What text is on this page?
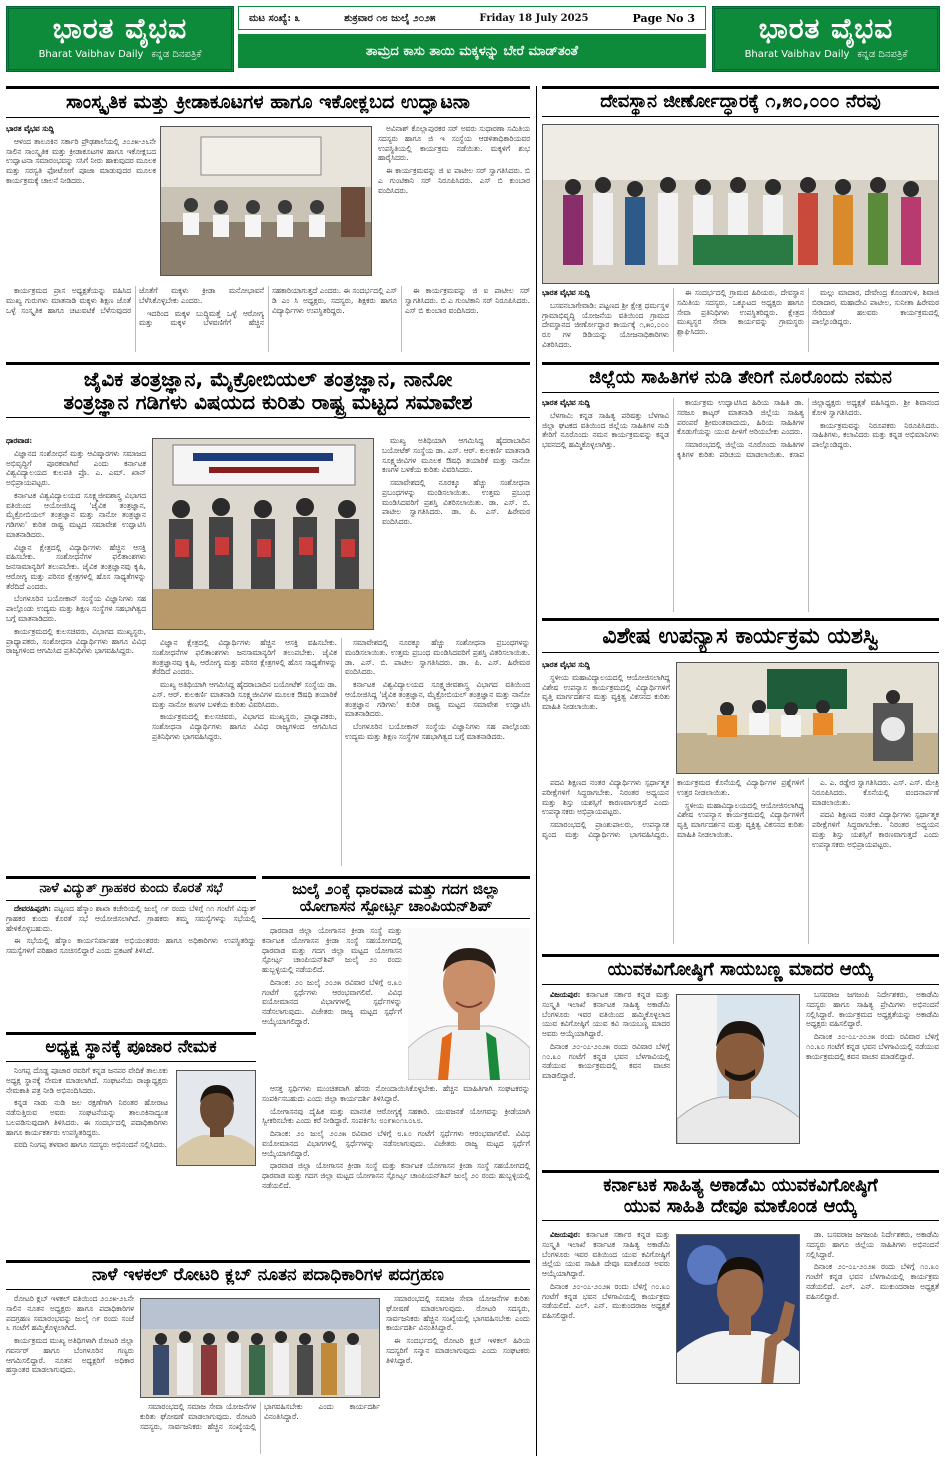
ಭಾರತ ವೈಭವ
Bharat Vaibhav Daily ಕನ್ನಡ ದಿನಪತ್ರಿಕೆ
ಮಟ ಸಂಖ್ಯೆ: ೩	ಶುಕ್ರವಾರ ೧೮ ಜುಲೈ ೨೦೨೫	Friday 18 July 2025	Page No 3
ತಾಮ್ರದ ಕಾಸು ತಾಯಿ ಮಕ್ಕಳನ್ನು ಬೇರೆ ಮಾಡ್‌ತಂತೆ
ಭಾರತ ವೈಭವ
Bharat Vaibhav Daily ಕನ್ನಡ ದಿನಪತ್ರಿಕೆ
ಸಾಂಸ್ಕೃತಿಕ ಮತ್ತು ಕ್ರೀಡಾಕೂಟಗಳ ಹಾಗೂ ಇಕೋಕ್ಲಬದ ಉದ್ಘಾಟನಾ

ಭಾರತ ವೈಭವ ಸುದ್ದಿ

ಆಳಂದ ತಾಲೂಕಿನ ಸರ್ಕಾರಿ ಪ್ರೌಢಶಾಲೆಯಲ್ಲಿ ೨೦೨೫-೨೬ನೇ ಸಾಲಿನ ಸಾಂಸ್ಕೃತಿಕ ಮತ್ತು ಕ್ರೀಡಾಕೂಟಗಳ ಹಾಗೂ ಇಕೋಕ್ಲಬದ ಉದ್ಘಾಟನಾ ಸಮಾರಂಭವನ್ನು ಸಸಿಗೆ ನೀರು ಹಾಕುವುದರ ಮೂಲಕ ಮತ್ತು ಸರಸ್ವತಿ ಫೋಟೋಗೆ ಪೂಜಾ ಮಾಡುವುದರ ಮೂಲಕ ಕಾರ್ಯಕ್ರಮಕ್ಕೆ ಚಾಲನೆ ನೀಡಿದರು.

ಅವಿನಾಶ್ ಕೊಲ್ಲಾಪುರಕರ ಸರ್ ಅವರು ಸುಧಾರಣಾ ಸಮಿತಿಯ ಸದಸ್ಯರು ಹಾಗೂ ಜಿ ಇ ಸಂಸ್ಥೆಯ ಆಡಳಿತಾಧಿಕಾರಿಯವರ ಉಪಸ್ಥಿತಿಯಲ್ಲಿ ಕಾರ್ಯಕ್ರಮ ನಡೆಯಿತು. ಮಕ್ಕಳಿಗೆ ಶುಭ ಹಾರೈಸಿದರು.

ಈ ಕಾರ್ಯಕ್ರಮವನ್ನು ಜಿ ಐ ಪಾಟೀಲ ಸರ್ ಸ್ವಾಗತಿಸಿದರು. ಬಿ ಎ ಗುಂಟಿಕಾನಿ ಸರ್ ನಿರೂಪಿಸಿದರು. ಎಸ್ ಬಿ ಕುಂಬಾರ ವಂದಿಸಿದರು.

ಕಾರ್ಯಕ್ರಮದ ಪ್ರಾಸ ಅಧ್ಯಕ್ಷತೆಯನ್ನು ವಹಿಸಿದ ಮುಖ್ಯ ಗುರುಗಳು ಮಾತನಾಡಿ ಮಕ್ಕಳು ಶಿಕ್ಷಣ ಜೊತೆ ಒಳ್ಳೆ ಸಂಸ್ಕೃತಿಕ ಹಾಗೂ ಚಟುವಟಿಕೆ ಬೆಳೆಸುವುದರ ಜೊತೆಗೆ ಮಕ್ಕಳು ಕ್ರೀಡಾ ಮನೋಭಾವನೆ ಬೆಳೆಸಿಕೊಳ್ಳಬೇಕು ಎಂದರು.

ಇದರಿಂದ ಮಕ್ಕಳ ಬುದ್ಧಿಮತ್ತೆ ಒಳ್ಳೆ ಆರೋಗ್ಯ ಮತ್ತು ಮಕ್ಕಳ ಬೆಳವಣಿಗೆಗೆ ಹೆಚ್ಚಿನ ಸಹಕಾರಿಯಾಗುತ್ತದೆ ಎಂದರು. ಈ ಸಂದರ್ಭದಲ್ಲಿ ಎಸ್ ಡಿ ಎಂ ಸಿ ಅಧ್ಯಕ್ಷರು, ಸದಸ್ಯರು, ಶಿಕ್ಷಕರು ಹಾಗೂ ವಿದ್ಯಾರ್ಥಿಗಳು ಉಪಸ್ಥಿತರಿದ್ದರು.

ಈ ಕಾರ್ಯಕ್ರಮವನ್ನು ಜಿ ಐ ಪಾಟೀಲ ಸರ್ ಸ್ವಾಗತಿಸಿದರು. ಬಿ ಎ ಗುಂಟಿಕಾನಿ ಸರ್ ನಿರೂಪಿಸಿದರು. ಎಸ್ ಬಿ ಕುಂಬಾರ ವಂದಿಸಿದರು.

ದೇವಸ್ಥಾನ ಜೀರ್ಣೋದ್ಧಾರಕ್ಕೆ ೧,೫೦,೦೦೦ ನೆರವು

ಭಾರತ ವೈಭವ ಸುದ್ದಿ

ಬಸವನಬಾಗೇವಾಡಿ: ಪಟ್ಟಣದ ಶ್ರೀ ಕ್ಷೇತ್ರ ಧರ್ಮಸ್ಥಳ ಗ್ರಾಮಾಭಿವೃದ್ಧಿ ಯೋಜನೆಯ ವತಿಯಿಂದ ಗ್ರಾಮದ ದೇವಸ್ಥಾನದ ಜೀರ್ಣೋದ್ಧಾರ ಕಾರ್ಯಕ್ಕೆ ೧,೫೦,೦೦೦ ರೂ ಗಳ ಡಿಡಿಯನ್ನು ಯೋಜನಾಧಿಕಾರಿಗಳು ವಿತರಿಸಿದರು.

ಈ ಸಂದರ್ಭದಲ್ಲಿ ಗ್ರಾಮದ ಹಿರಿಯರು, ದೇವಸ್ಥಾನ ಸಮಿತಿಯ ಸದಸ್ಯರು, ಒಕ್ಕೂಟದ ಅಧ್ಯಕ್ಷರು ಹಾಗೂ ಸೇವಾ ಪ್ರತಿನಿಧಿಗಳು ಉಪಸ್ಥಿತರಿದ್ದರು. ಕ್ಷೇತ್ರದ ಮುಖ್ಯಸ್ಥರ ಸೇವಾ ಕಾರ್ಯವನ್ನು ಗ್ರಾಮಸ್ಥರು ಶ್ಲಾಘಿಸಿದರು.

ಮಲ್ಲು ಮಾದಾರ, ದೇವೇಂದ್ರ ಕೊಂಡಗುಳಿ, ಶಿವಾಜಿ ಬಿರಾದಾರ, ಮಹಾದೇವಿ ಪಾಟೀಲ, ಸುನೀತಾ ಹಿರೇಮಠ ಸೇರಿದಂತೆ ಹಲವರು ಕಾರ್ಯಕ್ರಮದಲ್ಲಿ ಪಾಲ್ಗೊಂಡಿದ್ದರು.

ಜೈವಿಕ ತಂತ್ರಜ್ಞಾನ, ಮೈಕ್ರೋಬಿಯಲ್ ತಂತ್ರಜ್ಞಾನ, ನಾನೋ
ತಂತ್ರಜ್ಞಾನ ಗಡಿಗಳು ವಿಷಯದ ಕುರಿತು ರಾಷ್ಟ್ರ ಮಟ್ಟದ ಸಮಾವೇಶ

ಧಾರವಾಡ:

ವಿಜ್ಞಾನದ ಸಂಶೋಧನೆ ಮತ್ತು ಆವಿಷ್ಕಾರಗಳು ಸಮಾಜದ ಅಭಿವೃದ್ಧಿಗೆ ಪೂರಕವಾಗಿವೆ ಎಂದು ಕರ್ನಾಟಕ ವಿಶ್ವವಿದ್ಯಾಲಯದ ಕುಲಪತಿ ಪ್ರೊ. ಎ. ಎಮ್. ಖಾನ್ ಅಭಿಪ್ರಾಯಪಟ್ಟರು.

ಕರ್ನಾಟಕ ವಿಶ್ವವಿದ್ಯಾಲಯದ ಸೂಕ್ಷ್ಮಜೀವಶಾಸ್ತ್ರ ವಿಭಾಗದ ವತಿಯಿಂದ ಆಯೋಜಿಸಿದ್ದ 'ಜೈವಿಕ ತಂತ್ರಜ್ಞಾನ, ಮೈಕ್ರೋಬಿಯಲ್ ತಂತ್ರಜ್ಞಾನ ಮತ್ತು ನಾನೋ ತಂತ್ರಜ್ಞಾನ ಗಡಿಗಳು' ಕುರಿತ ರಾಷ್ಟ್ರ ಮಟ್ಟದ ಸಮಾವೇಶ ಉದ್ಘಾಟಿಸಿ ಮಾತನಾಡಿದರು.

ವಿಜ್ಞಾನ ಕ್ಷೇತ್ರದಲ್ಲಿ ವಿದ್ಯಾರ್ಥಿಗಳು ಹೆಚ್ಚಿನ ಆಸಕ್ತಿ ವಹಿಸಬೇಕು. ಸಂಶೋಧನೆಗಳ ಫಲಿತಾಂಶಗಳು ಜನಸಾಮಾನ್ಯರಿಗೆ ತಲುಪಬೇಕು. ಜೈವಿಕ ತಂತ್ರಜ್ಞಾನವು ಕೃಷಿ, ಆರೋಗ್ಯ ಮತ್ತು ಪರಿಸರ ಕ್ಷೇತ್ರಗಳಲ್ಲಿ ಹೊಸ ಸಾಧ್ಯತೆಗಳನ್ನು ತೆರೆದಿದೆ ಎಂದರು.

ಬೆಂಗಳೂರಿನ ಬಯೋಕಾನ್ ಸಂಸ್ಥೆಯ ವಿಜ್ಞಾನಿಗಳು ಸಹ ಪಾಲ್ಗೊಂಡು ಉದ್ಯಮ ಮತ್ತು ಶಿಕ್ಷಣ ಸಂಸ್ಥೆಗಳ ಸಹಭಾಗಿತ್ವದ ಬಗ್ಗೆ ಮಾತನಾಡಿದರು.

ಕಾರ್ಯಕ್ರಮದಲ್ಲಿ ಕುಲಸಚಿವರು, ವಿಭಾಗದ ಮುಖ್ಯಸ್ಥರು, ಪ್ರಾಧ್ಯಾಪಕರು, ಸಂಶೋಧನಾ ವಿದ್ಯಾರ್ಥಿಗಳು ಹಾಗೂ ವಿವಿಧ ರಾಜ್ಯಗಳಿಂದ ಆಗಮಿಸಿದ ಪ್ರತಿನಿಧಿಗಳು ಭಾಗವಹಿಸಿದ್ದರು.

ಮುಖ್ಯ ಅತಿಥಿಯಾಗಿ ಆಗಮಿಸಿದ್ದ ಹೈದರಾಬಾದಿನ ಬಯೋಟೆಕ್ ಸಂಸ್ಥೆಯ ಡಾ. ಎಸ್. ಆರ್. ಕುಲಕರ್ಣಿ ಮಾತನಾಡಿ ಸೂಕ್ಷ್ಮಜೀವಿಗಳ ಮೂಲಕ ಔಷಧಿ ತಯಾರಿಕೆ ಮತ್ತು ನಾನೋ ಕಣಗಳ ಬಳಕೆಯ ಕುರಿತು ವಿವರಿಸಿದರು.

ಸಮಾವೇಶದಲ್ಲಿ ನೂರಕ್ಕೂ ಹೆಚ್ಚು ಸಂಶೋಧನಾ ಪ್ರಬಂಧಗಳನ್ನು ಮಂಡಿಸಲಾಯಿತು. ಉತ್ತಮ ಪ್ರಬಂಧ ಮಂಡಿಸಿದವರಿಗೆ ಪ್ರಶಸ್ತಿ ವಿತರಿಸಲಾಯಿತು. ಡಾ. ಎಸ್. ಬಿ. ಪಾಟೀಲ ಸ್ವಾಗತಿಸಿದರು. ಡಾ. ಪಿ. ಎಸ್. ಹಿರೇಮಠ ವಂದಿಸಿದರು.

ವಿಜ್ಞಾನ ಕ್ಷೇತ್ರದಲ್ಲಿ ವಿದ್ಯಾರ್ಥಿಗಳು ಹೆಚ್ಚಿನ ಆಸಕ್ತಿ ವಹಿಸಬೇಕು. ಸಂಶೋಧನೆಗಳ ಫಲಿತಾಂಶಗಳು ಜನಸಾಮಾನ್ಯರಿಗೆ ತಲುಪಬೇಕು. ಜೈವಿಕ ತಂತ್ರಜ್ಞಾನವು ಕೃಷಿ, ಆರೋಗ್ಯ ಮತ್ತು ಪರಿಸರ ಕ್ಷೇತ್ರಗಳಲ್ಲಿ ಹೊಸ ಸಾಧ್ಯತೆಗಳನ್ನು ತೆರೆದಿದೆ ಎಂದರು.

ಮುಖ್ಯ ಅತಿಥಿಯಾಗಿ ಆಗಮಿಸಿದ್ದ ಹೈದರಾಬಾದಿನ ಬಯೋಟೆಕ್ ಸಂಸ್ಥೆಯ ಡಾ. ಎಸ್. ಆರ್. ಕುಲಕರ್ಣಿ ಮಾತನಾಡಿ ಸೂಕ್ಷ್ಮಜೀವಿಗಳ ಮೂಲಕ ಔಷಧಿ ತಯಾರಿಕೆ ಮತ್ತು ನಾನೋ ಕಣಗಳ ಬಳಕೆಯ ಕುರಿತು ವಿವರಿಸಿದರು.

ಕಾರ್ಯಕ್ರಮದಲ್ಲಿ ಕುಲಸಚಿವರು, ವಿಭಾಗದ ಮುಖ್ಯಸ್ಥರು, ಪ್ರಾಧ್ಯಾಪಕರು, ಸಂಶೋಧನಾ ವಿದ್ಯಾರ್ಥಿಗಳು ಹಾಗೂ ವಿವಿಧ ರಾಜ್ಯಗಳಿಂದ ಆಗಮಿಸಿದ ಪ್ರತಿನಿಧಿಗಳು ಭಾಗವಹಿಸಿದ್ದರು.

ಸಮಾವೇಶದಲ್ಲಿ ನೂರಕ್ಕೂ ಹೆಚ್ಚು ಸಂಶೋಧನಾ ಪ್ರಬಂಧಗಳನ್ನು ಮಂಡಿಸಲಾಯಿತು. ಉತ್ತಮ ಪ್ರಬಂಧ ಮಂಡಿಸಿದವರಿಗೆ ಪ್ರಶಸ್ತಿ ವಿತರಿಸಲಾಯಿತು. ಡಾ. ಎಸ್. ಬಿ. ಪಾಟೀಲ ಸ್ವಾಗತಿಸಿದರು. ಡಾ. ಪಿ. ಎಸ್. ಹಿರೇಮಠ ವಂದಿಸಿದರು.

ಕರ್ನಾಟಕ ವಿಶ್ವವಿದ್ಯಾಲಯದ ಸೂಕ್ಷ್ಮಜೀವಶಾಸ್ತ್ರ ವಿಭಾಗದ ವತಿಯಿಂದ ಆಯೋಜಿಸಿದ್ದ 'ಜೈವಿಕ ತಂತ್ರಜ್ಞಾನ, ಮೈಕ್ರೋಬಿಯಲ್ ತಂತ್ರಜ್ಞಾನ ಮತ್ತು ನಾನೋ ತಂತ್ರಜ್ಞಾನ ಗಡಿಗಳು' ಕುರಿತ ರಾಷ್ಟ್ರ ಮಟ್ಟದ ಸಮಾವೇಶ ಉದ್ಘಾಟಿಸಿ ಮಾತನಾಡಿದರು.

ಬೆಂಗಳೂರಿನ ಬಯೋಕಾನ್ ಸಂಸ್ಥೆಯ ವಿಜ್ಞಾನಿಗಳು ಸಹ ಪಾಲ್ಗೊಂಡು ಉದ್ಯಮ ಮತ್ತು ಶಿಕ್ಷಣ ಸಂಸ್ಥೆಗಳ ಸಹಭಾಗಿತ್ವದ ಬಗ್ಗೆ ಮಾತನಾಡಿದರು.

ಜಿಲ್ಲೆಯ ಸಾಹಿತಿಗಳ ನುಡಿ ತೇರಿಗೆ ನೂರೊಂದು ನಮನ

ಭಾರತ ವೈಭವ ಸುದ್ದಿ

ಬೆಳಗಾವಿ: ಕನ್ನಡ ಸಾಹಿತ್ಯ ಪರಿಷತ್ತು ಬೆಳಗಾವಿ ಜಿಲ್ಲಾ ಘಟಕದ ವತಿಯಿಂದ ಜಿಲ್ಲೆಯ ಸಾಹಿತಿಗಳ ನುಡಿ ತೇರಿಗೆ ನೂರೊಂದು ನಮನ ಕಾರ್ಯಕ್ರಮವನ್ನು ಕನ್ನಡ ಭವನದಲ್ಲಿ ಹಮ್ಮಿಕೊಳ್ಳಲಾಗಿತ್ತು.

ಕಾರ್ಯಕ್ರಮ ಉದ್ಘಾಟಿಸಿದ ಹಿರಿಯ ಸಾಹಿತಿ ಡಾ. ಸರಜೂ ಕಾಟ್ಕರ್ ಮಾತನಾಡಿ ಜಿಲ್ಲೆಯ ಸಾಹಿತ್ಯ ಪರಂಪರೆ ಶ್ರೀಮಂತವಾದುದು, ಹಿರಿಯ ಸಾಹಿತಿಗಳ ಕೊಡುಗೆಯನ್ನು ಯುವ ಪೀಳಿಗೆ ಅರಿಯಬೇಕು ಎಂದರು.

ಸಮಾರಂಭದಲ್ಲಿ ಜಿಲ್ಲೆಯ ನೂರೊಂದು ಸಾಹಿತಿಗಳ ಕೃತಿಗಳ ಕುರಿತು ಪರಿಚಯ ಮಾಡಲಾಯಿತು. ಕಸಾಪ ಜಿಲ್ಲಾಧ್ಯಕ್ಷರು ಅಧ್ಯಕ್ಷತೆ ವಹಿಸಿದ್ದರು. ಶ್ರೀ ಶಿವಾನಂದ ಕೋಳಿ ಸ್ವಾಗತಿಸಿದರು.

ಕಾರ್ಯಕ್ರಮವನ್ನು ನಿರೂಪಕರು ನಿರೂಪಿಸಿದರು. ಸಾಹಿತಿಗಳು, ಕಲಾವಿದರು ಮತ್ತು ಕನ್ನಡ ಅಭಿಮಾನಿಗಳು ಪಾಲ್ಗೊಂಡಿದ್ದರು.

ವಿಶೇಷ ಉಪನ್ಯಾಸ ಕಾರ್ಯಕ್ರಮ ಯಶಸ್ವಿ

ಭಾರತ ವೈಭವ ಸುದ್ದಿ

ಸ್ಥಳೀಯ ಮಹಾವಿದ್ಯಾಲಯದಲ್ಲಿ ಆಯೋಜಿಸಲಾಗಿದ್ದ ವಿಶೇಷ ಉಪನ್ಯಾಸ ಕಾರ್ಯಕ್ರಮದಲ್ಲಿ ವಿದ್ಯಾರ್ಥಿಗಳಿಗೆ ವೃತ್ತಿ ಮಾರ್ಗದರ್ಶನ ಮತ್ತು ವ್ಯಕ್ತಿತ್ವ ವಿಕಸನದ ಕುರಿತು ಮಾಹಿತಿ ನೀಡಲಾಯಿತು.

ಪದವಿ ಶಿಕ್ಷಣದ ನಂತರ ವಿದ್ಯಾರ್ಥಿಗಳು ಸ್ಪರ್ಧಾತ್ಮಕ ಪರೀಕ್ಷೆಗಳಿಗೆ ಸಿದ್ಧರಾಗಬೇಕು. ನಿರಂತರ ಅಧ್ಯಯನ ಮತ್ತು ಶಿಸ್ತು ಯಶಸ್ಸಿಗೆ ಕಾರಣವಾಗುತ್ತದೆ ಎಂದು ಉಪನ್ಯಾಸಕರು ಅಭಿಪ್ರಾಯಪಟ್ಟರು.

ಸಮಾರಂಭದಲ್ಲಿ ಪ್ರಾಂಶುಪಾಲರು, ಉಪನ್ಯಾಸಕ ವೃಂದ ಮತ್ತು ವಿದ್ಯಾರ್ಥಿಗಳು ಭಾಗವಹಿಸಿದ್ದರು. ಕಾರ್ಯಕ್ರಮದ ಕೊನೆಯಲ್ಲಿ ವಿದ್ಯಾರ್ಥಿಗಳ ಪ್ರಶ್ನೆಗಳಿಗೆ ಉತ್ತರ ನೀಡಲಾಯಿತು.

ಸ್ಥಳೀಯ ಮಹಾವಿದ್ಯಾಲಯದಲ್ಲಿ ಆಯೋಜಿಸಲಾಗಿದ್ದ ವಿಶೇಷ ಉಪನ್ಯಾಸ ಕಾರ್ಯಕ್ರಮದಲ್ಲಿ ವಿದ್ಯಾರ್ಥಿಗಳಿಗೆ ವೃತ್ತಿ ಮಾರ್ಗದರ್ಶನ ಮತ್ತು ವ್ಯಕ್ತಿತ್ವ ವಿಕಸನದ ಕುರಿತು ಮಾಹಿತಿ ನೀಡಲಾಯಿತು.

ಎ. ಎ. ರಡ್ಡೇರ ಸ್ವಾಗತಿಸಿದರು. ಎಸ್. ಎಸ್. ಮೇತ್ರಿ ನಿರೂಪಿಸಿದರು. ಕೊನೆಯಲ್ಲಿ ವಂದನಾರ್ಪಣೆ ಮಾಡಲಾಯಿತು.

ಪದವಿ ಶಿಕ್ಷಣದ ನಂತರ ವಿದ್ಯಾರ್ಥಿಗಳು ಸ್ಪರ್ಧಾತ್ಮಕ ಪರೀಕ್ಷೆಗಳಿಗೆ ಸಿದ್ಧರಾಗಬೇಕು. ನಿರಂತರ ಅಧ್ಯಯನ ಮತ್ತು ಶಿಸ್ತು ಯಶಸ್ಸಿಗೆ ಕಾರಣವಾಗುತ್ತದೆ ಎಂದು ಉಪನ್ಯಾಸಕರು ಅಭಿಪ್ರಾಯಪಟ್ಟರು.

ನಾಳೆ ವಿದ್ಯುತ್ ಗ್ರಾಹಕರ ಕುಂದು ಕೊರತೆ ಸಭೆ

ದೇವರಹಿಪ್ಪರಗಿ: ಪಟ್ಟಣದ ಹೆಸ್ಕಾಂ ಶಾಖಾ ಕಚೇರಿಯಲ್ಲಿ ಜುಲೈ ೧೯ ರಂದು ಬೆಳಿಗ್ಗೆ ೧೧ ಗಂಟೆಗೆ ವಿದ್ಯುತ್ ಗ್ರಾಹಕರ ಕುಂದು ಕೊರತೆ ಸಭೆ ಆಯೋಜಿಸಲಾಗಿದೆ. ಗ್ರಾಹಕರು ತಮ್ಮ ಸಮಸ್ಯೆಗಳನ್ನು ಸಭೆಯಲ್ಲಿ ಹೇಳಿಕೊಳ್ಳಬಹುದು.

ಈ ಸಭೆಯಲ್ಲಿ ಹೆಸ್ಕಾಂ ಕಾರ್ಯನಿರ್ವಾಹಕ ಅಭಿಯಂತರರು ಹಾಗೂ ಅಧಿಕಾರಿಗಳು ಉಪಸ್ಥಿತರಿದ್ದು ಸಮಸ್ಯೆಗಳಿಗೆ ಪರಿಹಾರ ಸೂಚಿಸಲಿದ್ದಾರೆ ಎಂದು ಪ್ರಕಟಣೆ ತಿಳಿಸಿದೆ.

ಜುಲೈ ೨೦ಕ್ಕೆ ಧಾರವಾಡ ಮತ್ತು ಗದಗ ಜಿಲ್ಲಾ
ಯೋಗಾಸನ ಸ್ಪೋರ್ಟ್ಸ ಚಾಂಪಿಯನ್‌ಶಿಪ್

ಧಾರವಾಡ ಜಿಲ್ಲಾ ಯೋಗಾಸನ ಕ್ರೀಡಾ ಸಂಸ್ಥೆ ಮತ್ತು ಕರ್ನಾಟಕ ಯೋಗಾಸನ ಕ್ರೀಡಾ ಸಂಸ್ಥೆ ಸಹಯೋಗದಲ್ಲಿ ಧಾರವಾಡ ಮತ್ತು ಗದಗ ಜಿಲ್ಲಾ ಮಟ್ಟದ ಯೋಗಾಸನ ಸ್ಪೋರ್ಟ್ಸ ಚಾಂಪಿಯನ್‌ಶಿಪ್ ಜುಲೈ ೨೦ ರಂದು ಹುಬ್ಬಳ್ಳಿಯಲ್ಲಿ ನಡೆಯಲಿದೆ.

ದಿನಾಂಕ: ೨೦ ಜುಲೈ ೨೦೨೫ ರವಿವಾರ ಬೆಳಿಗ್ಗೆ ೮.೩೦ ಗಂಟೆಗೆ ಸ್ಪರ್ಧೆಗಳು ಆರಂಭವಾಗಲಿವೆ. ವಿವಿಧ ವಯೋಮಾನದ ವಿಭಾಗಗಳಲ್ಲಿ ಸ್ಪರ್ಧೆಗಳನ್ನು ನಡೆಸಲಾಗುವುದು. ವಿಜೇತರು ರಾಜ್ಯ ಮಟ್ಟದ ಸ್ಪರ್ಧೆಗೆ ಆಯ್ಕೆಯಾಗಲಿದ್ದಾರೆ.

ಆಸಕ್ತ ಸ್ಪರ್ಧಿಗಳು ಮುಂಚಿತವಾಗಿ ಹೆಸರು ನೋಂದಾಯಿಸಿಕೊಳ್ಳಬೇಕು. ಹೆಚ್ಚಿನ ಮಾಹಿತಿಗಾಗಿ ಸಂಘಟಕರನ್ನು ಸಂಪರ್ಕಿಸಬಹುದು ಎಂದು ಜಿಲ್ಲಾ ಕಾರ್ಯದರ್ಶಿ ತಿಳಿಸಿದ್ದಾರೆ.

ಯೋಗಾಸನವು ದೈಹಿಕ ಮತ್ತು ಮಾನಸಿಕ ಆರೋಗ್ಯಕ್ಕೆ ಸಹಕಾರಿ. ಯುವಜನತೆ ಯೋಗವನ್ನು ಕ್ರೀಡೆಯಾಗಿ ಸ್ವೀಕರಿಸಬೇಕು ಎಂದು ಕರೆ ನೀಡಿದ್ದಾರೆ. ಸಂಪರ್ಕಿಸಿ: ೮೦೯೫೦೧೬೦೬೮.

ದಿನಾಂಕ: ೨೦ ಜುಲೈ ೨೦೨೫ ರವಿವಾರ ಬೆಳಿಗ್ಗೆ ೮.೩೦ ಗಂಟೆಗೆ ಸ್ಪರ್ಧೆಗಳು ಆರಂಭವಾಗಲಿವೆ. ವಿವಿಧ ವಯೋಮಾನದ ವಿಭಾಗಗಳಲ್ಲಿ ಸ್ಪರ್ಧೆಗಳನ್ನು ನಡೆಸಲಾಗುವುದು. ವಿಜೇತರು ರಾಜ್ಯ ಮಟ್ಟದ ಸ್ಪರ್ಧೆಗೆ ಆಯ್ಕೆಯಾಗಲಿದ್ದಾರೆ.

ಧಾರವಾಡ ಜಿಲ್ಲಾ ಯೋಗಾಸನ ಕ್ರೀಡಾ ಸಂಸ್ಥೆ ಮತ್ತು ಕರ್ನಾಟಕ ಯೋಗಾಸನ ಕ್ರೀಡಾ ಸಂಸ್ಥೆ ಸಹಯೋಗದಲ್ಲಿ ಧಾರವಾಡ ಮತ್ತು ಗದಗ ಜಿಲ್ಲಾ ಮಟ್ಟದ ಯೋಗಾಸನ ಸ್ಪೋರ್ಟ್ಸ ಚಾಂಪಿಯನ್‌ಶಿಪ್ ಜುಲೈ ೨೦ ರಂದು ಹುಬ್ಬಳ್ಳಿಯಲ್ಲಿ ನಡೆಯಲಿದೆ.

ಅಧ್ಯಕ್ಷ ಸ್ಥಾನಕ್ಕೆ ಪೂಜಾರ ನೇಮಕ

ನಿಂಗಪ್ಪ ದೊಡ್ಡ ಪೂಜಾರ ರವರಿಗೆ ಕನ್ನಡ ಜನಪರ ವೇದಿಕೆ ತಾಲೂಕು ಅಧ್ಯಕ್ಷ ಸ್ಥಾನಕ್ಕೆ ನೇಮಕ ಮಾಡಲಾಗಿದೆ. ಸಂಘಟನೆಯ ರಾಜ್ಯಾಧ್ಯಕ್ಷರು ನೇಮಕಾತಿ ಪತ್ರ ನೀಡಿ ಅಭಿನಂದಿಸಿದರು.

ಕನ್ನಡ ನಾಡು ನುಡಿ ಜಲ ರಕ್ಷಣೆಗಾಗಿ ನಿರಂತರ ಹೋರಾಟ ನಡೆಸುತ್ತಿರುವ ಅವರು ಸಂಘಟನೆಯನ್ನು ತಾಲೂಕಿನಾದ್ಯಂತ ಬಲಪಡಿಸುವುದಾಗಿ ತಿಳಿಸಿದರು. ಈ ಸಂದರ್ಭದಲ್ಲಿ ಪದಾಧಿಕಾರಿಗಳು ಹಾಗೂ ಕಾರ್ಯಕರ್ತರು ಉಪಸ್ಥಿತರಿದ್ದರು.

ವರದಿ ನಿಂಗಪ್ಪ ತಳವಾರ ಹಾಗೂ ಸದಸ್ಯರು ಅಭಿನಂದನೆ ಸಲ್ಲಿಸಿದರು.

ಯುವಕವಿಗೋಷ್ಠಿಗೆ ಸಾಯಬಣ್ಣ ಮಾದರ ಆಯ್ಕೆ

ವಿಜಯಪುರ: ಕರ್ನಾಟಕ ಸರ್ಕಾರ ಕನ್ನಡ ಮತ್ತು ಸಂಸ್ಕೃತಿ ಇಲಾಖೆ ಕರ್ನಾಟಕ ಸಾಹಿತ್ಯ ಅಕಾಡೆಮಿ ಬೆಂಗಳೂರು ಇವರ ವತಿಯಿಂದ ಹಮ್ಮಿಕೊಳ್ಳಲಾದ ಯುವ ಕವಿಗೋಷ್ಠಿಗೆ ಯುವ ಕವಿ ಸಾಯಬಣ್ಣ ಮಾದರ ಅವರು ಆಯ್ಕೆಯಾಗಿದ್ದಾರೆ.

ದಿನಾಂಕ ೨೦-೦೭-೨೦೨೫ ರಂದು ರವಿವಾರ ಬೆಳಿಗ್ಗೆ ೧೦.೩೦ ಗಂಟೆಗೆ ಕನ್ನಡ ಭವನ ಬೆಳಗಾವಿಯಲ್ಲಿ ನಡೆಯುವ ಕಾರ್ಯಕ್ರಮದಲ್ಲಿ ಕವನ ವಾಚನ ಮಾಡಲಿದ್ದಾರೆ.

ಬಸವರಾಜ ಜಗಜಂಪಿ ನಿರ್ದೇಶಕರು, ಅಕಾಡೆಮಿ ಸದಸ್ಯರು ಹಾಗೂ ಸಾಹಿತ್ಯ ಪ್ರೇಮಿಗಳು ಅಭಿನಂದನೆ ಸಲ್ಲಿಸಿದ್ದಾರೆ. ಕಾರ್ಯಕ್ರಮದ ಅಧ್ಯಕ್ಷತೆಯನ್ನು ಅಕಾಡೆಮಿ ಅಧ್ಯಕ್ಷರು ವಹಿಸಲಿದ್ದಾರೆ.

ದಿನಾಂಕ ೨೦-೦೭-೨೦೨೫ ರಂದು ರವಿವಾರ ಬೆಳಿಗ್ಗೆ ೧೦.೩೦ ಗಂಟೆಗೆ ಕನ್ನಡ ಭವನ ಬೆಳಗಾವಿಯಲ್ಲಿ ನಡೆಯುವ ಕಾರ್ಯಕ್ರಮದಲ್ಲಿ ಕವನ ವಾಚನ ಮಾಡಲಿದ್ದಾರೆ.

ಕರ್ನಾಟಕ ಸಾಹಿತ್ಯ ಅಕಾಡೆಮಿ ಯುವಕವಿಗೋಷ್ಠಿಗೆ
ಯುವ ಸಾಹಿತಿ ದೇವೂ ಮಾಕೊಂಡ ಆಯ್ಕೆ

ವಿಜಯಪುರ: ಕರ್ನಾಟಕ ಸರ್ಕಾರ ಕನ್ನಡ ಮತ್ತು ಸಂಸ್ಕೃತಿ ಇಲಾಖೆ ಕರ್ನಾಟಕ ಸಾಹಿತ್ಯ ಅಕಾಡೆಮಿ ಬೆಂಗಳೂರು ಇವರ ವತಿಯಿಂದ ಯುವ ಕವಿಗೋಷ್ಠಿಗೆ ಜಿಲ್ಲೆಯ ಯುವ ಸಾಹಿತಿ ದೇವೂ ಮಾಕೊಂಡ ಅವರು ಆಯ್ಕೆಯಾಗಿದ್ದಾರೆ.

ದಿನಾಂಕ ೨೦-೦೭-೨೦೨೫ ರಂದು ಬೆಳಿಗ್ಗೆ ೧೦.೩೦ ಗಂಟೆಗೆ ಕನ್ನಡ ಭವನ ಬೆಳಗಾವಿಯಲ್ಲಿ ಕಾರ್ಯಕ್ರಮ ನಡೆಯಲಿದೆ. ಎಲ್. ಎನ್. ಮುಕುಂದರಾಜ ಅಧ್ಯಕ್ಷತೆ ವಹಿಸಲಿದ್ದಾರೆ.

ಡಾ. ಬಸವರಾಜ ಜಗಜಂಪಿ ನಿರ್ದೇಶಕರು, ಅಕಾಡೆಮಿ ಸದಸ್ಯರು ಹಾಗೂ ಜಿಲ್ಲೆಯ ಸಾಹಿತಿಗಳು ಅಭಿನಂದನೆ ಸಲ್ಲಿಸಿದ್ದಾರೆ.

ದಿನಾಂಕ ೨೦-೦೭-೨೦೨೫ ರಂದು ಬೆಳಿಗ್ಗೆ ೧೦.೩೦ ಗಂಟೆಗೆ ಕನ್ನಡ ಭವನ ಬೆಳಗಾವಿಯಲ್ಲಿ ಕಾರ್ಯಕ್ರಮ ನಡೆಯಲಿದೆ. ಎಲ್. ಎನ್. ಮುಕುಂದರಾಜ ಅಧ್ಯಕ್ಷತೆ ವಹಿಸಲಿದ್ದಾರೆ.

ನಾಳೆ ಇಳಕಲ್ ರೋಟರಿ ಕ್ಲಬ್ ನೂತನ ಪದಾಧಿಕಾರಿಗಳ ಪದಗ್ರಹಣ

ರೋಟರಿ ಕ್ಲಬ್ ಇಳಕಲ್ ವತಿಯಿಂದ ೨೦೨೫-೨೬ನೇ ಸಾಲಿನ ನೂತನ ಅಧ್ಯಕ್ಷರು ಹಾಗೂ ಪದಾಧಿಕಾರಿಗಳ ಪದಗ್ರಹಣ ಸಮಾರಂಭವನ್ನು ಜುಲೈ ೧೯ ರಂದು ಸಂಜೆ ೬ ಗಂಟೆಗೆ ಹಮ್ಮಿಕೊಳ್ಳಲಾಗಿದೆ.

ಕಾರ್ಯಕ್ರಮದ ಮುಖ್ಯ ಅತಿಥಿಗಳಾಗಿ ರೋಟರಿ ಜಿಲ್ಲಾ ಗವರ್ನರ್ ಹಾಗೂ ಬೆಂಗಳೂರಿನ ಗಣ್ಯರು ಆಗಮಿಸಲಿದ್ದಾರೆ. ನೂತನ ಅಧ್ಯಕ್ಷರಿಗೆ ಅಧಿಕಾರ ಹಸ್ತಾಂತರ ಮಾಡಲಾಗುವುದು.

ಸಮಾರಂಭದಲ್ಲಿ ಸಮಾಜ ಸೇವಾ ಯೋಜನೆಗಳ ಕುರಿತು ಘೋಷಣೆ ಮಾಡಲಾಗುವುದು. ರೋಟರಿ ಸದಸ್ಯರು, ಸಾರ್ವಜನಿಕರು ಹೆಚ್ಚಿನ ಸಂಖ್ಯೆಯಲ್ಲಿ ಭಾಗವಹಿಸಬೇಕು ಎಂದು ಕಾರ್ಯದರ್ಶಿ ವಿನಂತಿಸಿದ್ದಾರೆ.

ಸಮಾರಂಭದಲ್ಲಿ ಸಮಾಜ ಸೇವಾ ಯೋಜನೆಗಳ ಕುರಿತು ಘೋಷಣೆ ಮಾಡಲಾಗುವುದು. ರೋಟರಿ ಸದಸ್ಯರು, ಸಾರ್ವಜನಿಕರು ಹೆಚ್ಚಿನ ಸಂಖ್ಯೆಯಲ್ಲಿ ಭಾಗವಹಿಸಬೇಕು ಎಂದು ಕಾರ್ಯದರ್ಶಿ ವಿನಂತಿಸಿದ್ದಾರೆ.

ಈ ಸಂದರ್ಭದಲ್ಲಿ ರೋಟರಿ ಕ್ಲಬ್ ಇಳಕಲ್ ಹಿರಿಯ ಸದಸ್ಯರಿಗೆ ಸನ್ಮಾನ ಮಾಡಲಾಗುವುದು ಎಂದು ಸಂಘಟಕರು ತಿಳಿಸಿದ್ದಾರೆ.
